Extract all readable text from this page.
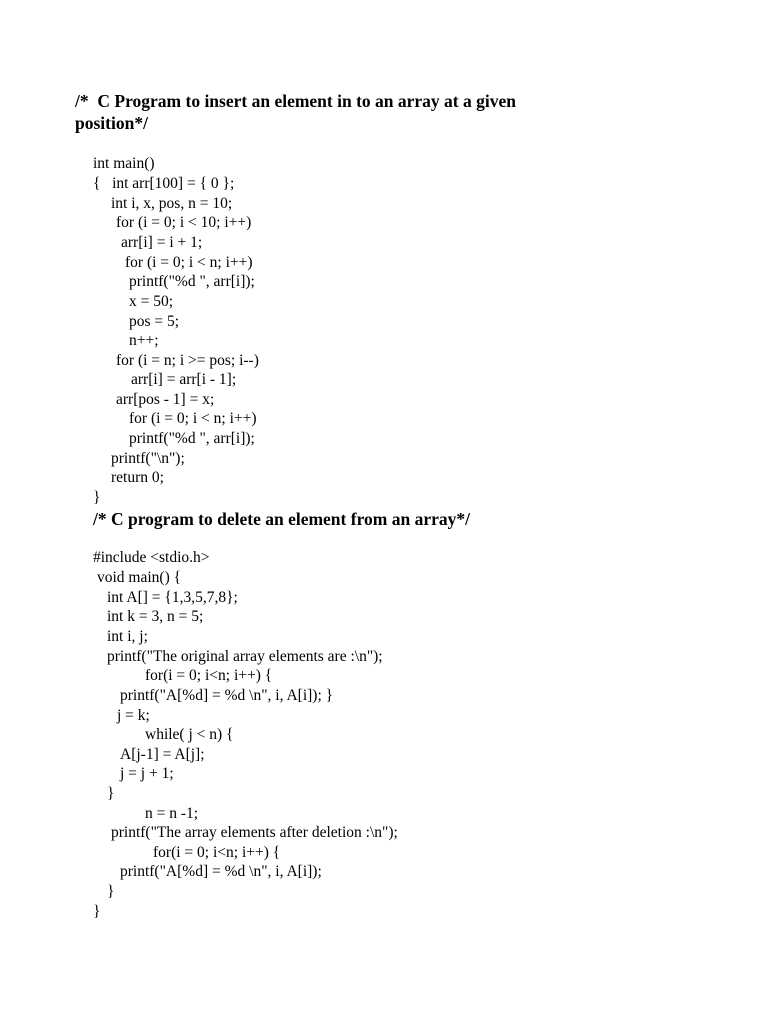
/*  C Program to insert an element in to an array at a given
position*/
int main()
{   int arr[100] = { 0 };
int i, x, pos, n = 10;
for (i = 0; i < 10; i++)
arr[i] = i + 1;
for (i = 0; i < n; i++)
printf("%d ", arr[i]);
x = 50;
pos = 5;
n++;
for (i = n; i >= pos; i--)
arr[i] = arr[i - 1];
arr[pos - 1] = x;
for (i = 0; i < n; i++)
printf("%d ", arr[i]);
printf("\n");
return 0;
}
/* C program to delete an element from an array*/
#include <stdio.h>
void main() {
int A[] = {1,3,5,7,8};
int k = 3, n = 5;
int i, j;
printf("The original array elements are :\n");
for(i = 0; i<n; i++) {
printf("A[%d] = %d \n", i, A[i]); }
j = k;
while( j < n) {
A[j-1] = A[j];
j = j + 1;
}
n = n -1;
printf("The array elements after deletion :\n");
for(i = 0; i<n; i++) {
printf("A[%d] = %d \n", i, A[i]);
}
}
